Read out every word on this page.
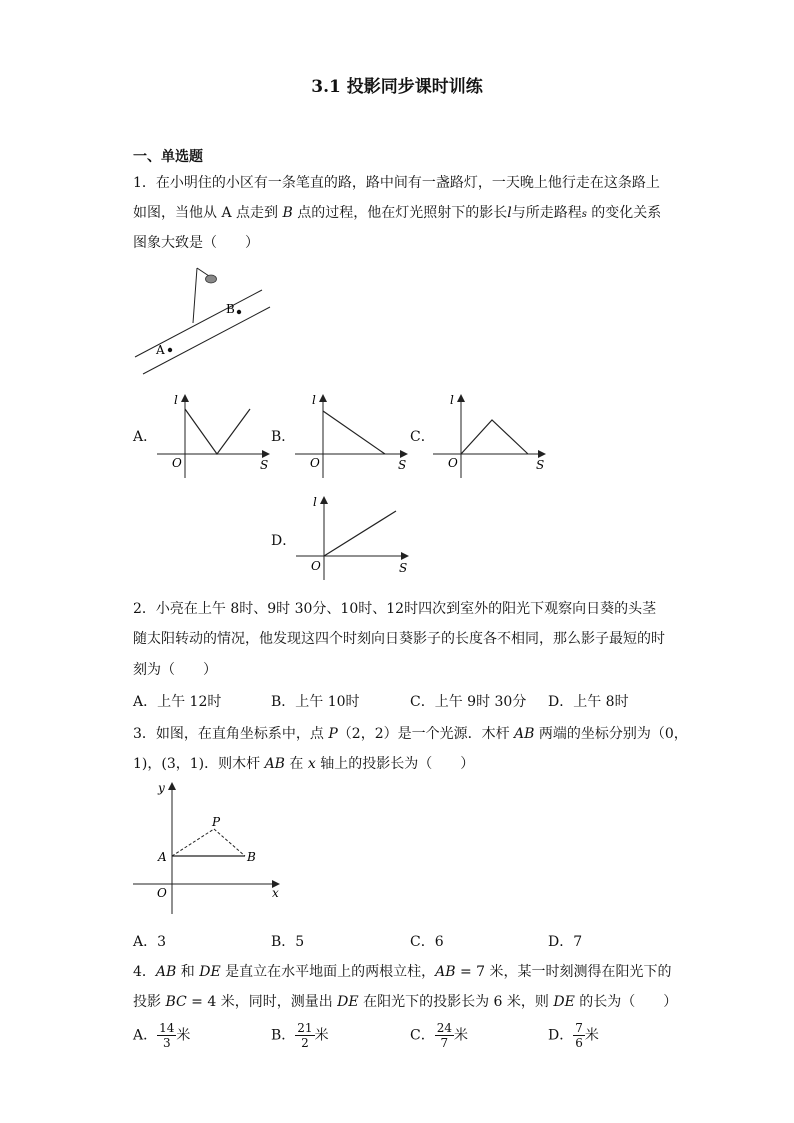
3.1 投影同步课时训练
一、单选题
1．在小明住的小区有一条笔直的路，路中间有一盏路灯，一天晚上他行走在这条路上
如图，当他从 A 点走到 B 点的过程，他在灯光照射下的影长l与所走路程s 的变化关系
图象大致是（　　）
B
A
A．	B．	C．
D．
l
O	S
l
O	S
l
O	S
l
O	S
2．小亮在上午 8时、9时 30分、10时、12时四次到室外的阳光下观察向日葵的头茎
随太阳转动的情况，他发现这四个时刻向日葵影子的长度各不相同，那么影子最短的时
刻为（　　）
A．上午 12时	B．上午 10时	C．上午 9时 30分 D．上午 8时
3．如图，在直角坐标系中，点 P（2，2）是一个光源．木杆 AB 两端的坐标分别为（0，
1)，(3，1)．则木杆 AB 在 x 轴上的投影长为（　　）
y
x
P
A	B
O
A．3	B．5	C．6	D．7
4．AB 和 DE 是直立在水平地面上的两根立柱，AB = 7 米，某一时刻测得在阳光下的
投影 BC = 4 米，同时，测量出 DE 在阳光下的投影长为 6 米，则 DE 的长为（　　）
A． $\frac{14}{3}$ 米	B． $\frac{21}{2}$ 米	C． $\frac{24}{7}$ 米	D． $\frac{7}{6}$ 米
